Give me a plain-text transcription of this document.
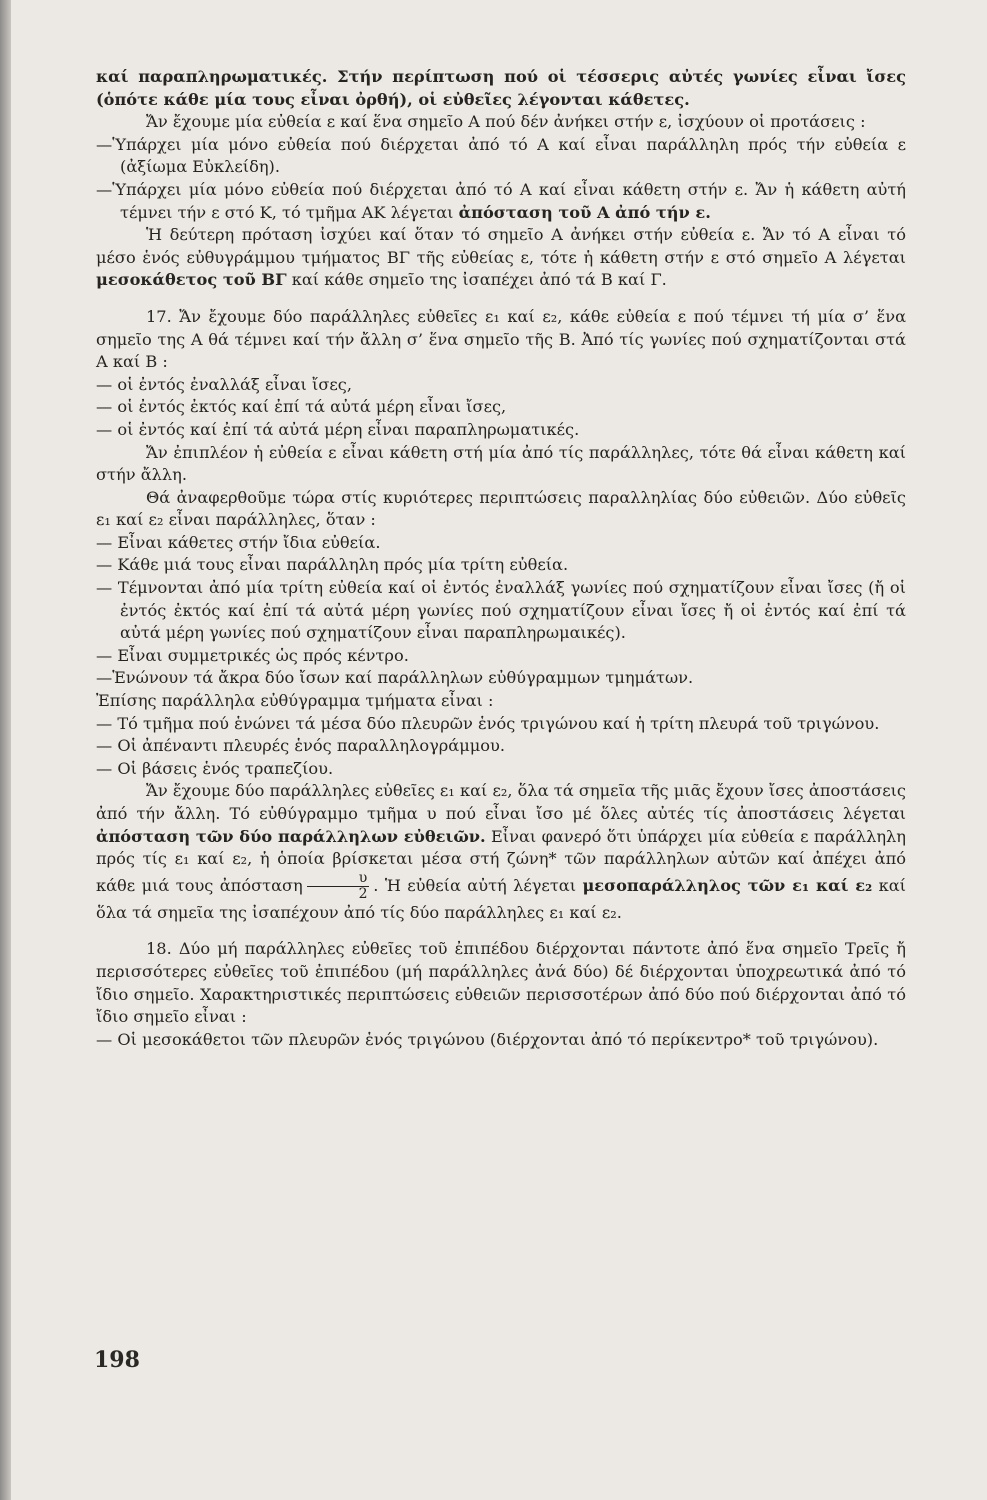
καί παραπληρωματικές. Στήν περίπτωση πού οἱ τέσσερις αὐτές γωνίες εἶναι ἴσες (ὁπότε κάθε μία τους εἶναι ὀρθή), οἱ εὐθεῖες λέγονται κάθετες.

Ἄν ἔχουμε μία εὐθεία ε καί ἕνα σημεῖο Α πού δέν ἀνήκει στήν ε, ἰσχύουν οἱ προτάσεις :

—Ὑπάρχει μία μόνο εὐθεία πού διέρχεται ἀπό τό Α καί εἶναι παράλληλη πρός τήν εὐθεία ε (ἀξίωμα Εὐκλείδη).

—Ὑπάρχει μία μόνο εὐθεία πού διέρχεται ἀπό τό Α καί εἶναι κάθετη στήν ε. Ἄν ἡ κάθετη αὐτή τέμνει τήν ε στό Κ, τό τμῆμα ΑΚ λέγεται ἀπόσταση τοῦ Α ἀπό τήν ε.

Ἡ δεύτερη πρόταση ἰσχύει καί ὅταν τό σημεῖο Α ἀνήκει στήν εὐθεία ε. Ἄν τό Α εἶναι τό μέσο ἑνός εὐθυγράμμου τμήματος ΒΓ τῆς εὐθείας ε, τότε ἡ κάθετη στήν ε στό σημεῖο Α λέγεται μεσοκάθετος τοῦ ΒΓ καί κάθε σημεῖο της ἰσαπέχει ἀπό τά Β καί Γ.

17. Ἄν ἔχουμε δύο παράλληλες εὐθεῖες ε₁ καί ε₂, κάθε εὐθεία ε πού τέμνει τή μία σ’ ἕνα σημεῖο της Α θά τέμνει καί τήν ἄλλη σ’ ἕνα σημεῖο τῆς Β. Ἀπό τίς γωνίες πού σχηματίζονται στά Α καί Β :

— οἱ ἐντός ἐναλλάξ εἶναι ἴσες,

— οἱ ἐντός ἐκτός καί ἐπί τά αὐτά μέρη εἶναι ἴσες,

— οἱ ἐντός καί ἐπί τά αὐτά μέρη εἶναι παραπληρωματικές.

Ἄν ἐπιπλέον ἡ εὐθεία ε εἶναι κάθετη στή μία ἀπό τίς παράλληλες, τότε θά εἶναι κάθετη καί στήν ἄλλη.

Θά ἀναφερθοῦμε τώρα στίς κυριότερες περιπτώσεις παραλληλίας δύο εὐθειῶν. Δύο εὐθεῖς ε₁ καί ε₂ εἶναι παράλληλες, ὅταν :

— Εἶναι κάθετες στήν ἴδια εὐθεία.

— Κάθε μιά τους εἶναι παράλληλη πρός μία τρίτη εὐθεία.

— Τέμνονται ἀπό μία τρίτη εὐθεία καί οἱ ἐντός ἐναλλάξ γωνίες πού σχηματίζουν εἶναι ἴσες (ἤ οἱ ἐντός ἐκτός καί ἐπί τά αὐτά μέρη γωνίες πού σχηματίζουν εἶναι ἴσες ἤ οἱ ἐντός καί ἐπί τά αὐτά μέρη γωνίες πού σχηματίζουν εἶναι παραπληρωμαικές).

— Εἶναι συμμετρικές ὡς πρός κέντρο.

—Ἑνώνουν τά ἄκρα δύο ἴσων καί παράλληλων εὐθύγραμμων τμημάτων.

Ἐπίσης παράλληλα εὐθύγραμμα τμήματα εἶναι :

— Τό τμῆμα πού ἑνώνει τά μέσα δύο πλευρῶν ἑνός τριγώνου καί ἡ τρίτη πλευρά τοῦ τριγώνου.

— Οἱ ἀπέναντι πλευρές ἑνός παραλληλογράμμου.

— Οἱ βάσεις ἑνός τραπεζίου.

Ἄν ἔχουμε δύο παράλληλες εὐθεῖες ε₁ καί ε₂, ὅλα τά σημεῖα τῆς μιᾶς ἔχουν ἴσες ἀποστάσεις ἀπό τήν ἄλλη. Τό εὐθύγραμμο τμῆμα υ πού εἶναι ἴσο μέ ὅλες αὐτές τίς ἀποστάσεις λέγεται ἀπόσταση τῶν δύο παράλληλων εὐθειῶν. Εἶναι φανερό ὅτι ὑπάρχει μία εὐθεία ε παράλληλη πρός τίς ε₁ καί ε₂, ἡ ὁποία βρίσκεται μέσα στή ζώνη* τῶν παράλληλων αὐτῶν καί ἀπέχει ἀπό κάθε μιά τους ἀπόσταση $\frac{\upsilon}{2}$ . Ἡ εὐθεία αὐτή λέγεται μεσοπαράλληλος τῶν ε₁ καί ε₂ καί ὅλα τά σημεῖα της ἰσαπέχουν ἀπό τίς δύο παράλληλες ε₁ καί ε₂.

18. Δύο μή παράλληλες εὐθεῖες τοῦ ἐπιπέδου διέρχονται πάντοτε ἀπό ἕνα σημεῖο Τρεῖς ἤ περισσότερες εὐθεῖες τοῦ ἐπιπέδου (μή παράλληλες ἀνά δύο) δέ διέρχονται ὑποχρεωτικά ἀπό τό ἴδιο σημεῖο. Χαρακτηριστικές περιπτώσεις εὐθειῶν περισσοτέρων ἀπό δύο πού διέρχονται ἀπό τό ἴδιο σημεῖο εἶναι :

— Οἱ μεσοκάθετοι τῶν πλευρῶν ἑνός τριγώνου (διέρχονται ἀπό τό περίκεντρο* τοῦ τριγώνου).

198
